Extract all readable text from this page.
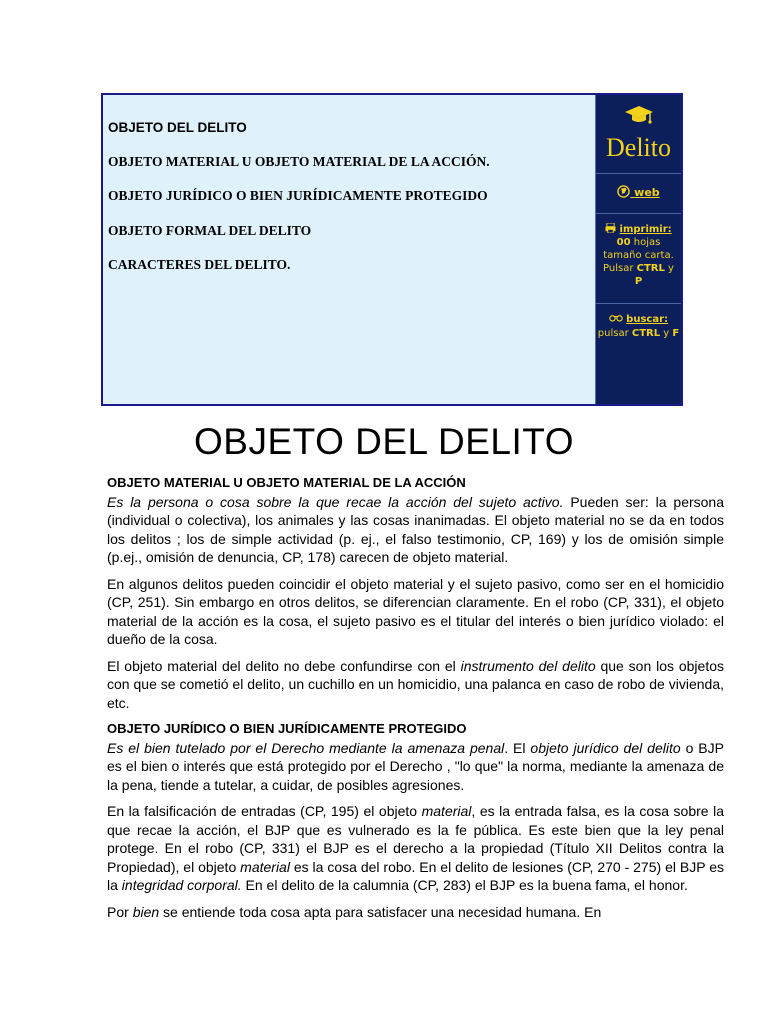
OBJETO DEL DELITO
OBJETO MATERIAL U OBJETO MATERIAL DE LA ACCIÓN.
OBJETO JURÍDICO O BIEN JURÍDICAMENTE PROTEGIDO
OBJETO FORMAL DEL DELITO
CARACTERES DEL DELITO.
Delito
web
imprimir:
00 hojas
tamaño carta.
Pulsar CTRL y
P
buscar:
pulsar CTRL y F
OBJETO DEL DELITO
OBJETO MATERIAL U OBJETO MATERIAL DE LA ACCIÓN

Es la persona o cosa sobre la que recae la acción del sujeto activo. Pueden ser: la persona (individual o colectiva), los animales y las cosas inanimadas. El objeto material no se da en todos los delitos ; los de simple actividad (p. ej., el falso testimonio, CP, 169) y los de omisión simple (p.ej., omisión de denuncia, CP, 178) carecen de objeto material.

En algunos delitos pueden coincidir el objeto material y el sujeto pasivo, como ser en el homicidio (CP, 251). Sin embargo en otros delitos, se diferencian claramente. En el robo (CP, 331), el objeto material de la acción es la cosa, el sujeto pasivo es el titular del interés o bien jurídico violado: el dueño de la cosa.

El objeto material del delito no debe confundirse con el instrumento del delito que son los objetos con que se cometió el delito, un cuchillo en un homicidio, una palanca en caso de robo de vivienda, etc.

OBJETO JURÍDICO O BIEN JURÍDICAMENTE PROTEGIDO

Es el bien tutelado por el Derecho mediante la amenaza penal. El objeto jurídico del delito o BJP es el bien o interés que está protegido por el Derecho , "lo que" la norma, mediante la amenaza de la pena, tiende a tutelar, a cuidar, de posibles agresiones.

En la falsificación de entradas (CP, 195) el objeto material, es la entrada falsa, es la cosa sobre la que recae la acción, el BJP que es vulnerado es la fe pública. Es este bien que la ley penal protege. En el robo (CP, 331) el BJP es el derecho a la propiedad (Título XII Delitos contra la Propiedad), el objeto material es la cosa del robo. En el delito de lesiones (CP, 270 - 275) el BJP es la integridad corporal. En el delito de la calumnia (CP, 283) el BJP es la buena fama, el honor.

Por bien se entiende toda cosa apta para satisfacer una necesidad humana. En
